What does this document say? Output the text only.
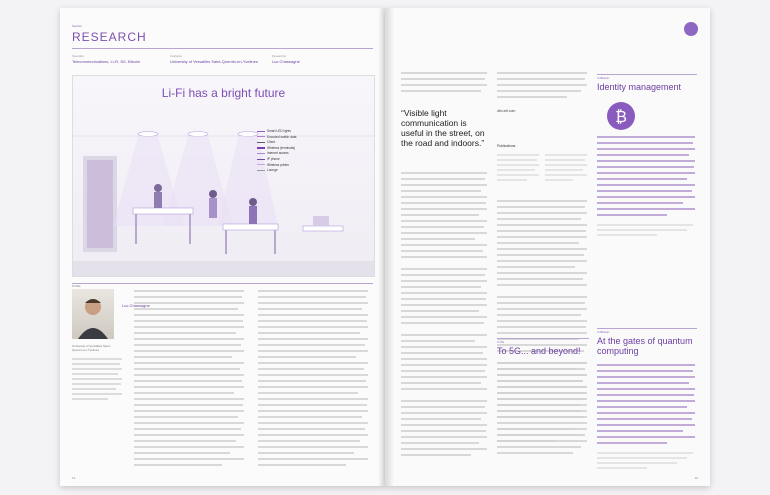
Section
RESEARCH
Speciality
Telecommunications, Li-Fi, 5G, Bitcoin
Institution
University of Versailles Saint-Quentin-en-Yvelines
Researcher
Luc Chassagne
Li-Fi has a bright future
Smart LED lights
Encoded switch data
Client
Wireless (terminals)
Internet access
IP phone
Wireless printer
Lounge
Profile
Luc Chassagne
University of Versailles Saint-Quentin-en-Yvelines
14
“Visible light communication is useful in the street, on the road and indoors.”
dlm-intl.com
Publications
In Bitcoin
Identity management
₿
In 5G
To 5G... and beyond!
In Bitcoin
At the gates of quantum computing
15
